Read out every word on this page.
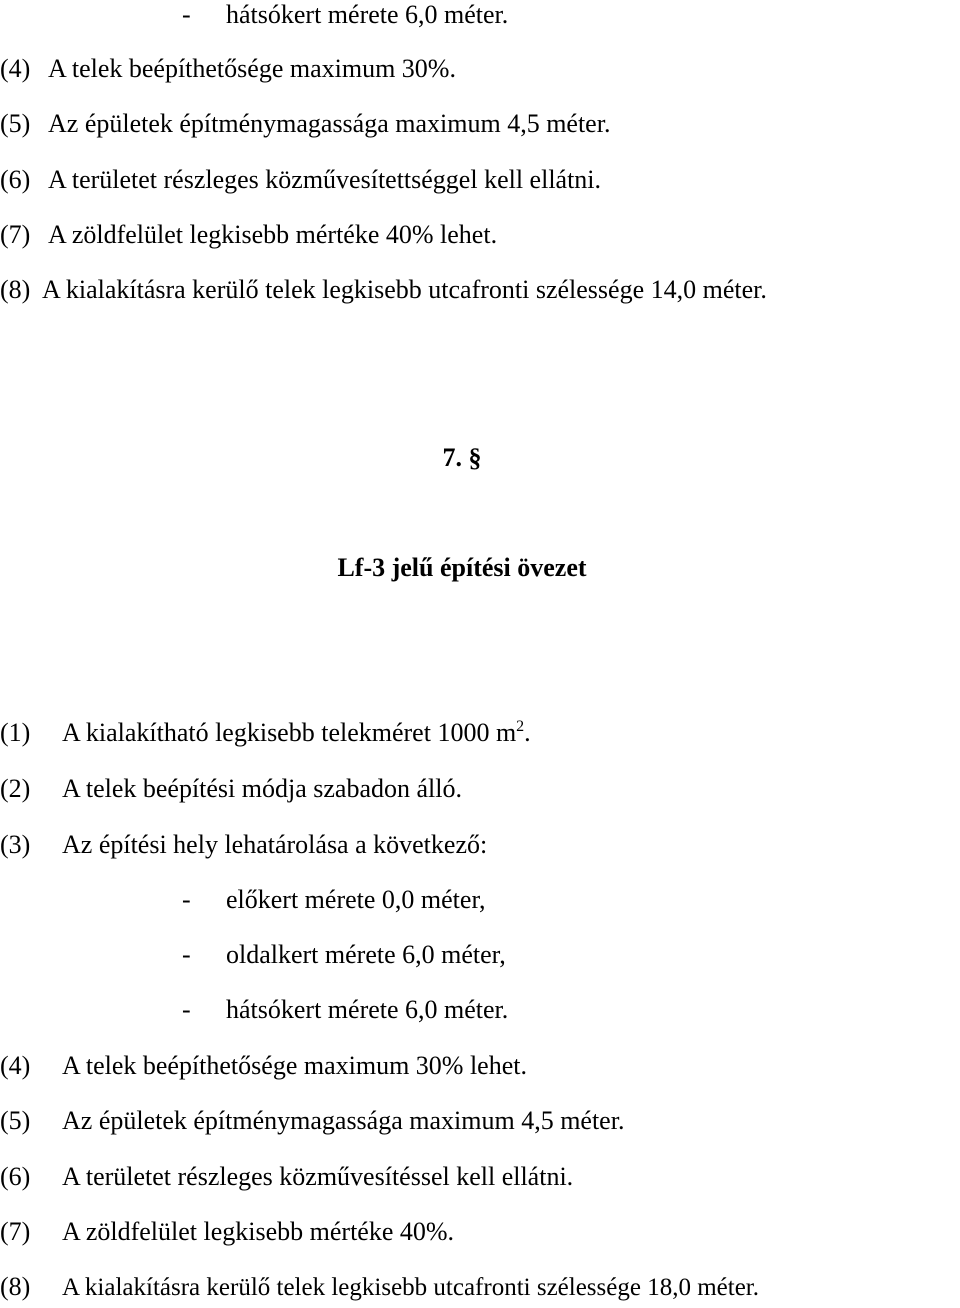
- hátsókert mérete 6,0 méter.
(4) A telek beépíthetősége maximum 30%.
(5) Az épületek építménymagassága maximum 4,5 méter.
(6) A területet részleges közművesítettséggel kell ellátni.
(7) A zöldfelület legkisebb mértéke 40% lehet.
(8) A kialakításra kerülő telek legkisebb utcafronti szélessége 14,0 méter.
7. §
Lf-3 jelű építési övezet
(1) A kialakítható legkisebb telekméret 1000 $m^2$.
(2) A telek beépítési módja szabadon álló.
(3) Az építési hely lehatárolása a következő:
- előkert mérete 0,0 méter,
- oldalkert mérete 6,0 méter,
- hátsókert mérete 6,0 méter.
(4) A telek beépíthetősége maximum 30% lehet.
(5) Az épületek építménymagassága maximum 4,5 méter.
(6) A területet részleges közművesítéssel kell ellátni.
(7) A zöldfelület legkisebb mértéke 40%.
(8) A kialakításra kerülő telek legkisebb utcafronti szélessége 18,0 méter.
